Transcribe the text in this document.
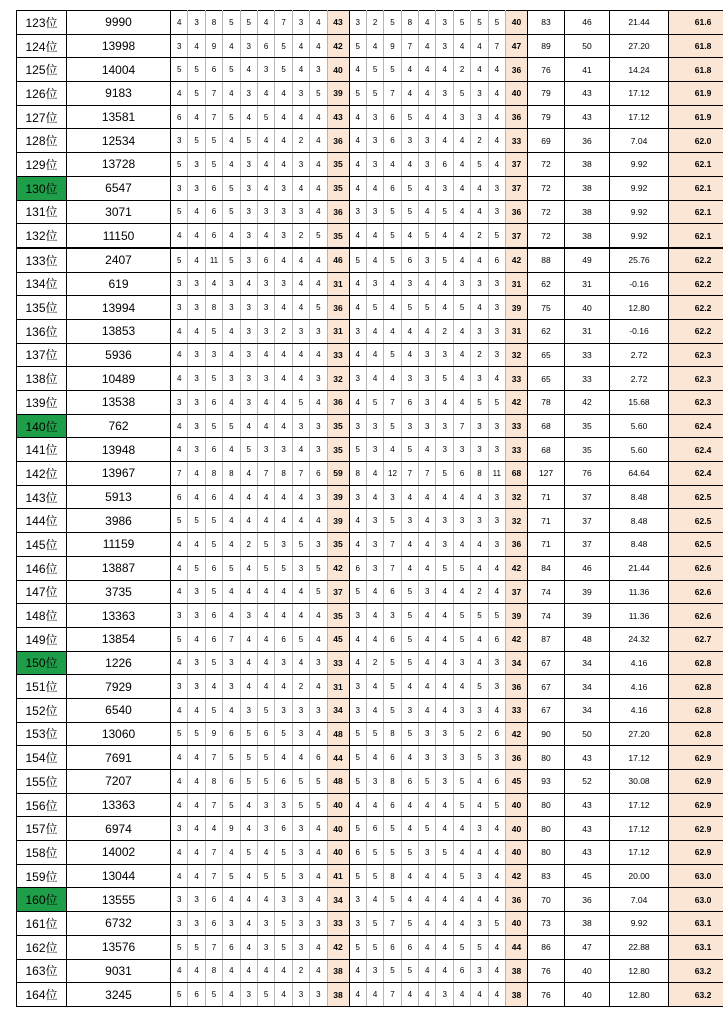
123位	9990	4	3	8	5	5	4	7	3	4	43	3	2	5	8	4	3	5	5	5	40	83	46	21.44	61.6
124位	13998	3	4	9	4	3	6	5	4	4	42	5	4	9	7	4	3	4	4	7	47	89	50	27.20	61.8
125位	14004	5	5	6	5	4	3	5	4	3	40	4	5	5	4	4	4	2	4	4	36	76	41	14.24	61.8
126位	9183	4	5	7	4	3	4	4	3	5	39	5	5	7	4	4	3	5	3	4	40	79	43	17.12	61.9
127位	13581	6	4	7	5	4	5	4	4	4	43	4	3	6	5	4	4	3	3	4	36	79	43	17.12	61.9
128位	12534	3	5	5	4	5	4	4	2	4	36	4	3	6	3	3	4	4	2	4	33	69	36	7.04	62.0
129位	13728	5	3	5	4	3	4	4	3	4	35	4	3	4	4	3	6	4	5	4	37	72	38	9.92	62.1
130位	6547	3	3	6	5	3	4	3	4	4	35	4	4	6	5	4	3	4	4	3	37	72	38	9.92	62.1
131位	3071	5	4	6	5	3	3	3	3	4	36	3	3	5	5	4	5	4	4	3	36	72	38	9.92	62.1
132位	11150	4	4	6	4	3	4	3	2	5	35	4	4	5	4	5	4	4	2	5	37	72	38	9.92	62.1
133位	2407	5	4	11	5	3	6	4	4	4	46	5	4	5	6	3	5	4	4	6	42	88	49	25.76	62.2
134位	619	3	3	4	3	4	3	3	4	4	31	4	3	4	3	4	4	3	3	3	31	62	31	-0.16	62.2
135位	13994	3	3	8	3	3	3	4	4	5	36	4	5	4	5	5	4	5	4	3	39	75	40	12.80	62.2
136位	13853	4	4	5	4	3	3	2	3	3	31	3	4	4	4	4	2	4	3	3	31	62	31	-0.16	62.2
137位	5936	4	3	3	4	3	4	4	4	4	33	4	4	5	4	3	3	4	2	3	32	65	33	2.72	62.3
138位	10489	4	3	5	3	3	3	4	4	3	32	3	4	4	3	3	5	4	3	4	33	65	33	2.72	62.3
139位	13538	3	3	6	4	3	4	4	5	4	36	4	5	7	6	3	4	4	5	5	42	78	42	15.68	62.3
140位	762	4	3	5	5	4	4	4	3	3	35	3	3	5	3	3	3	7	3	3	33	68	35	5.60	62.4
141位	13948	4	3	6	4	5	3	3	4	3	35	5	3	4	5	4	3	3	3	3	33	68	35	5.60	62.4
142位	13967	7	4	8	8	4	7	8	7	6	59	8	4	12	7	7	5	6	8	11	68	127	76	64.64	62.4
143位	5913	6	4	6	4	4	4	4	4	3	39	3	4	3	4	4	4	4	4	3	32	71	37	8.48	62.5
144位	3986	5	5	5	4	4	4	4	4	4	39	4	3	5	3	4	3	3	3	3	32	71	37	8.48	62.5
145位	11159	4	4	5	4	2	5	3	5	3	35	4	3	7	4	4	3	4	4	3	36	71	37	8.48	62.5
146位	13887	4	5	6	5	4	5	5	3	5	42	6	3	7	4	4	5	5	4	4	42	84	46	21.44	62.6
147位	3735	4	3	5	4	4	4	4	4	5	37	5	4	6	5	3	4	4	2	4	37	74	39	11.36	62.6
148位	13363	3	3	6	4	3	4	4	4	4	35	3	4	3	5	4	4	5	5	5	39	74	39	11.36	62.6
149位	13854	5	4	6	7	4	4	6	5	4	45	4	4	6	5	4	4	5	4	6	42	87	48	24.32	62.7
150位	1226	4	3	5	3	4	4	3	4	3	33	4	2	5	5	4	4	3	4	3	34	67	34	4.16	62.8
151位	7929	3	3	4	3	4	4	4	2	4	31	3	4	5	4	4	4	4	5	3	36	67	34	4.16	62.8
152位	6540	4	4	5	4	3	5	3	3	3	34	3	4	5	3	4	4	3	3	4	33	67	34	4.16	62.8
153位	13060	5	5	9	6	5	6	5	3	4	48	5	5	8	5	3	3	5	2	6	42	90	50	27.20	62.8
154位	7691	4	4	7	5	5	5	4	4	6	44	5	4	6	4	3	3	3	5	3	36	80	43	17.12	62.9
155位	7207	4	4	8	6	5	5	6	5	5	48	5	3	8	6	5	3	5	4	6	45	93	52	30.08	62.9
156位	13363	4	4	7	5	4	3	3	5	5	40	4	4	6	4	4	4	5	4	5	40	80	43	17.12	62.9
157位	6974	3	4	4	9	4	3	6	3	4	40	5	6	5	4	5	4	4	3	4	40	80	43	17.12	62.9
158位	14002	4	4	7	4	5	4	5	3	4	40	6	5	5	5	3	5	4	4	4	40	80	43	17.12	62.9
159位	13044	4	4	7	5	4	5	5	3	4	41	5	5	8	4	4	4	5	3	4	42	83	45	20.00	63.0
160位	13555	3	3	6	4	4	4	3	3	4	34	3	4	5	4	4	4	4	4	4	36	70	36	7.04	63.0
161位	6732	3	3	6	3	4	3	5	3	3	33	3	5	7	5	4	4	4	3	5	40	73	38	9.92	63.1
162位	13576	5	5	7	6	4	3	5	3	4	42	5	5	6	6	4	4	5	5	4	44	86	47	22.88	63.1
163位	9031	4	4	8	4	4	4	4	2	4	38	4	3	5	5	4	4	6	3	4	38	76	40	12.80	63.2
164位	3245	5	6	5	4	3	5	4	3	3	38	4	4	7	4	4	3	4	4	4	38	76	40	12.80	63.2
